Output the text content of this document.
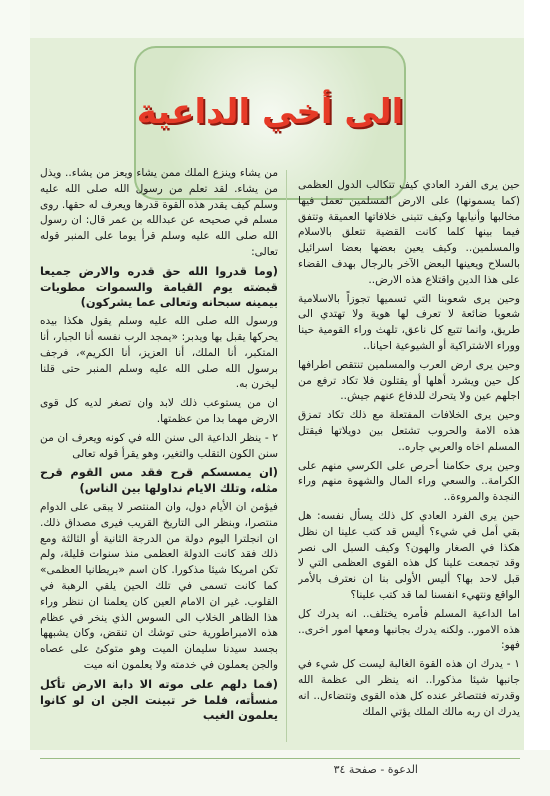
الى أخي الداعية

حين يرى الفرد العادي كيف تتكالب الدول العظمى (كما يسمونها) على الارض المسلمين تعمل فيها مخالبها وأنيابها وكيف تتبنى خلافاتها العميقة وتتفق فيما بينها كلما كانت القضية تتعلق بالاسلام والمسلمين.. وكيف يعين بعضها بعضا اسرائيل بالسلاح ويعينها البعض الآخر بالرجال بهدف القضاء على هذا الدين واقتلاع هذه الارض..

وحين يرى شعوبنا التي تسميها تجوزاً بالاسلامية شعوبا ضائعة لا تعرف لها هوية ولا تهتدي الى طريق، وانما تتبع كل ناعق، تلهث وراء القومية حينا ووراء الاشتراكية أو الشيوعية احيانا..

وحين يرى ارض العرب والمسلمين تنتقص اطرافها كل حين ويشرد أهلها أو يقتلون فلا تكاد ترفع من اجلهم عين ولا يتحرك للدفاع عنهم جيش..

وحين يرى الخلافات المفتعلة مع ذلك تكاد تمزق هذه الامة والحروب تشتعل بين دويلاتها فيقتل المسلم اخاه والعربي جاره..

وحين يرى حكامنا أحرص على الكرسي منهم على الكرامة.. والسعي وراء المال والشهوة منهم وراء النجدة والمروءة..

حين يرى الفرد العادي كل ذلك يسأل نفسه: هل بقي أمل في شيء؟ أليس قد كتب علينا ان نظل هكذا في الصغار والهون؟ وكيف السبل الى نصر وقد تجمعت علينا كل هذه القوى العظمى التي لا قبل لاحد بها؟ أليس الأولى بنا ان نعترف بالأمر الواقع ونتهيء انفسنا لما قد كتب علينا؟

اما الداعية المسلم فأمره يختلف.. انه يدرك كل هذه الامور.. ولكنه يدرك بجانبها ومعها امور اخرى.. فهو:

١ - يدرك ان هذه القوة الغالبة ليست كل شيء في جانبها شيئا مذكورا.. انه ينظر الى عظمة الله وقدرته فتتصاغر عنده كل هذه القوى وتتضاءل.. انه يدرك ان ربه مالك الملك يؤتي الملك

من يشاء وينزع الملك ممن يشاء ويعز من يشاء.. ويذل من يشاء. لقد تعلم من رسول الله صلى الله عليه وسلم كيف يقدر هذه القوة قدرها ويعرف له حقها. روى مسلم في صحيحه عن عبدالله بن عمر قال: ان رسول الله صلى الله عليه وسلم قرأ يوما على المنبر قوله تعالى:

(وما قدروا الله حق قدره والارض جميعا قبضته يوم القيامة والسموات مطويات بيمينه سبحانه وتعالى عما يشركون)

ورسول الله صلى الله عليه وسلم يقول هكذا بيده يحركها يقبل بها ويدبر: «يمجد الرب نفسه أنا الجبار، أنا المتكبر، أنا الملك، أنا العزيز، أنا الكريم»، فرجف برسول الله صلى الله عليه وسلم المنبر حتى قلنا ليخرن به.

ان من يستوعب ذلك لابد وان تصغر لديه كل قوى الارض مهما بدا من عظمتها.

٢ - ينظر الداعية الى سنن الله في كونه ويعرف ان من سنن الكون التقلب والتغير، وهو يقرأ قوله تعالى

(ان يمسسكم قرح فقد مس القوم قرح مثله، وتلك الايام نداولها بين الناس)

فيؤمن ان الأيام دول، وان المنتصر لا يبقى على الدوام منتصرا، وبنظر الى التاريخ القريب فيرى مصداق ذلك. ان انجلترا اليوم دولة من الدرجة الثانية أو الثالثة ومع ذلك فقد كانت الدولة العظمى منذ سنوات قليلة، ولم تكن امريكا شيئا مذكورا. كان اسم «بريطانيا العظمى» كما كانت تسمى في تلك الحين يلقي الرهبة في القلوب. غير ان الامام العين كان يعلمنا ان ننظر وراء هذا الظاهر الخلاب الى السوس الذي ينخر في عظام هذه الامبراطورية حتى توشك ان تنقض، وكان يشبهها بجسد سيدنا سليمان الميت وهو متوكئ على عصاه والجن يعملون في خدمته ولا يعلمون انه ميت

(فما دلهم على موته الا دابة الارض تأكل منسأته، فلما خر تبينت الجن ان لو كانوا يعلمون الغيب

الدعوة - صفحة ٣٤
